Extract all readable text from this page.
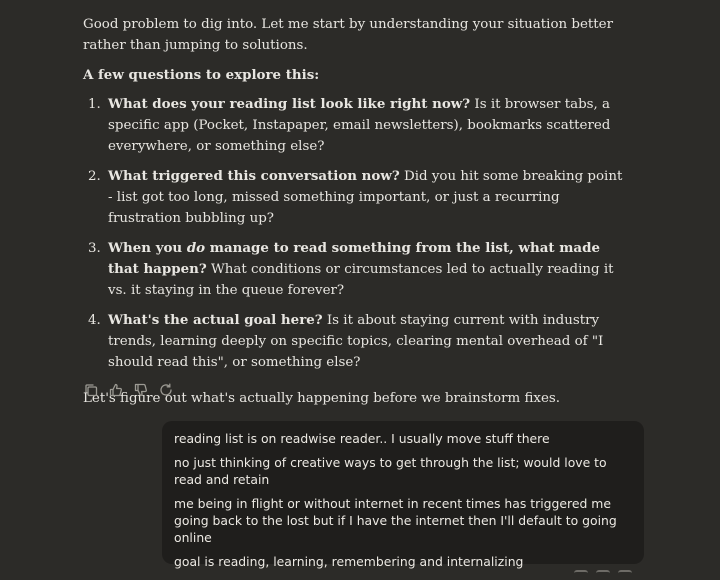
Good problem to dig into. Let me start by understanding your situation better rather than jumping to solutions.

A few questions to explore this:

1. What does your reading list look like right now? Is it browser tabs, a specific app (Pocket, Instapaper, email newsletters), bookmarks scattered everywhere, or something else?
2. What triggered this conversation now? Did you hit some breaking point - list got too long, missed something important, or just a recurring frustration bubbling up?
3. When you do manage to read something from the list, what made that happen? What conditions or circumstances led to actually reading it vs. it staying in the queue forever?
4. What's the actual goal here? Is it about staying current with industry trends, learning deeply on specific topics, clearing mental overhead of "I should read this", or something else?

Let's figure out what's actually happening before we brainstorm fixes.

reading list is on readwise reader.. I usually move stuff there

no just thinking of creative ways to get through the list; would love to read and retain

me being in flight or without internet in recent times has triggered me going back to the lost but if I have the internet then I'll default to going online

goal is reading, learning, remembering and internalizing
